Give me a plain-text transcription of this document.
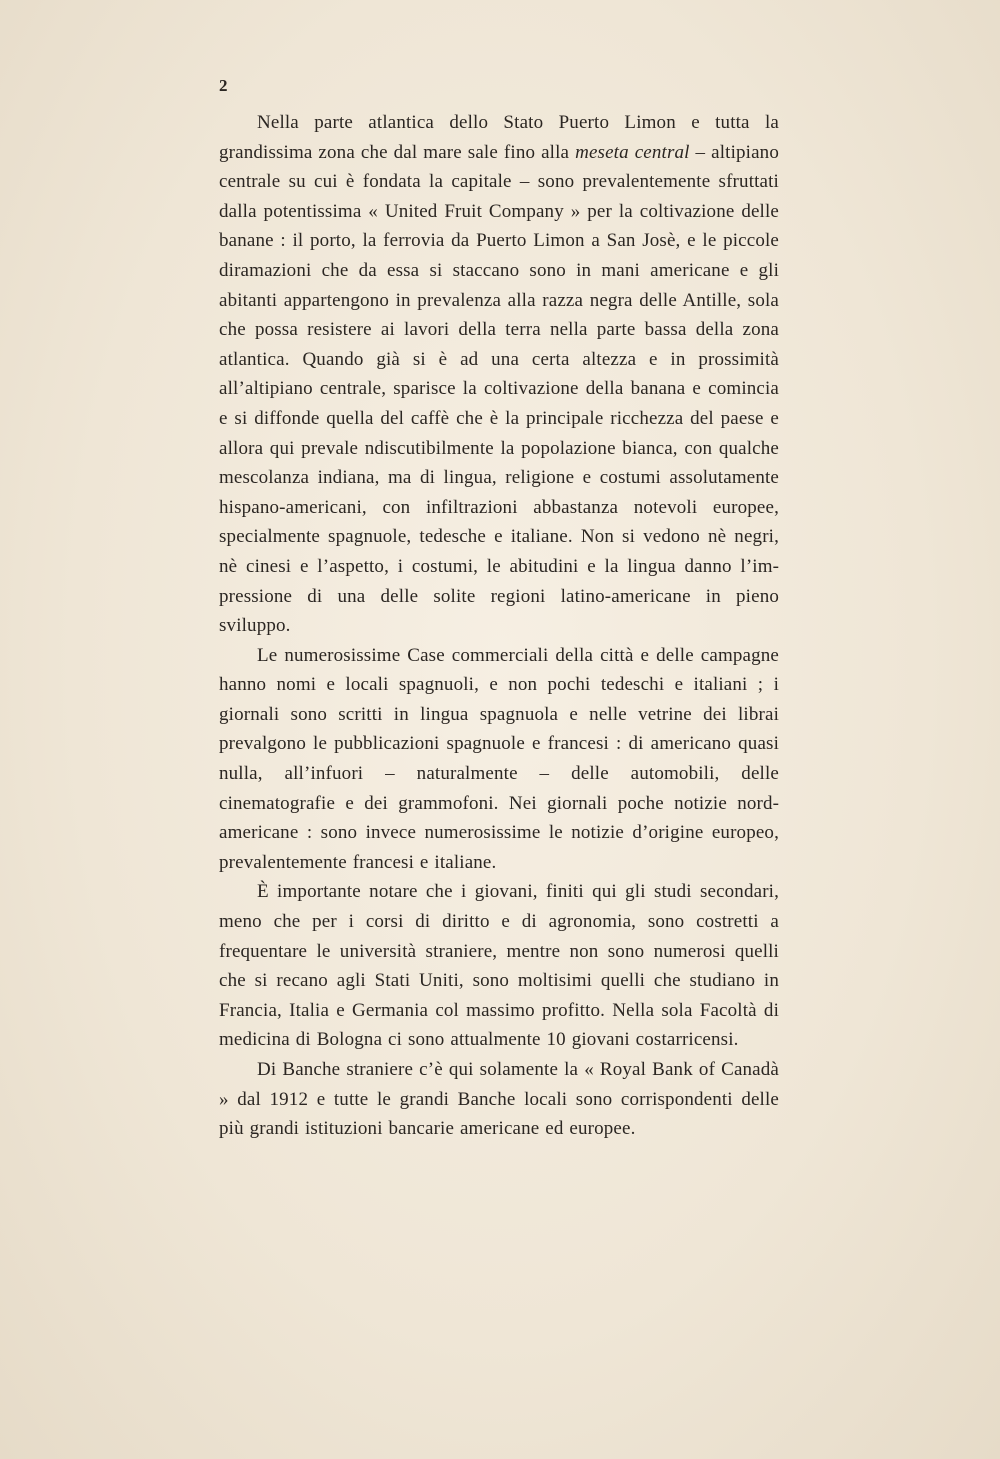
2

Nella parte atlantica dello Stato Puerto Limon e tutta la grandissima zona che dal mare sale fino alla meseta central – altipiano centrale su cui è fondata la capitale – sono prevalentemente sfruttati dalla potentissima « United Fruit Company » per la coltivazione delle banane : il porto, la ferrovia da Puerto Limon a San Josè, e le piccole diramazioni che da essa si staccano sono in mani americane e gli abitanti appartengono in prevalenza alla razza negra delle Antille, sola che possa resistere ai lavori della terra nella parte bassa della zona atlantica. Quando già si è ad una certa altezza e in prossimità all’altipiano centrale, sparisce la coltivazione della banana e comincia e si diffonde quella del caffè che è la principale ricchezza del paese e allora qui prevale ndiscutibilmente la popolazione bianca, con qualche mescolanza indiana, ma di lingua, religione e costumi assolutamente hispano-americani, con infiltrazioni abbastanza notevoli europee, specialmente spagnuole, tedesche e italiane. Non si vedono nè negri, nè cinesi e l’aspetto, i costumi, le abitudini e la lingua danno l’impressione di una delle solite regioni latino-americane in pieno sviluppo.

Le numerosissime Case commerciali della città e delle campagne hanno nomi e locali spagnuoli, e non pochi tedeschi e italiani ; i giornali sono scritti in lingua spagnuola e nelle vetrine dei librai prevalgono le pubblicazioni spagnuole e francesi : di americano quasi nulla, all’infuori – naturalmente – delle automobili, delle cinematografie e dei grammofoni. Nei giornali poche notizie nordamericane : sono invece numerosissime le notizie d’origine europeo, prevalentemente francesi e italiane.

È importante notare che i giovani, finiti qui gli studi secondari, meno che per i corsi di diritto e di agronomia, sono costretti a frequentare le università straniere, mentre non sono numerosi quelli che si recano agli Stati Uniti, sono moltisimi quelli che studiano in Francia, Italia e Germania col massimo profitto. Nella sola Facoltà di medicina di Bologna ci sono attualmente 10 giovani costarricensi.

Di Banche straniere c’è qui solamente la « Royal Bank of Canadà » dal 1912 e tutte le grandi Banche locali sono corrispondenti delle più grandi istituzioni bancarie americane ed europee.
